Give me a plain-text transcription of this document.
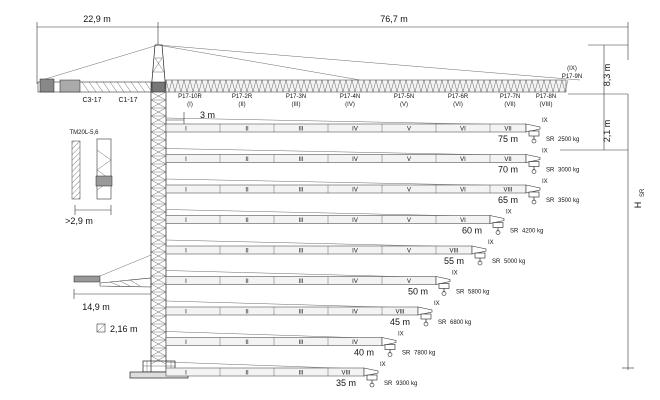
22,9 m	76,7 m
8,3 m
2,1 m
H
SR
C3-17 C1-17
(IX)
P17-10R
(I)
P17-2R
(II)
P17-3N
(III)
P17-4N
(IV)
P17-5N
(V)
P17-6R
(VI)
P17-7N
(VII)
P17-8N
(VIII)
P17-9N
3 m
TM20L-5,6
>2,9 m
14,9 m
2,16 m
I	II	III	IV	V	VI	VII
IX
75 m	SR 2500 kg
I	II	III	IV	V	VI	VII
IX
70 m	SR 3000 kg
I	II	III	IV	V	VI	VIII
IX
65 m	SR 3500 kg
I	II	III	IV	V	VI
IX
60 m	SR 4200 kg
I	II	III	IV	V	VIII
IX
55 m	SR 5000 kg
I	II	III	IV	V
IX
50 m	SR 5800 kg
I	II	III	IV	VIII
IX
45 m	SR 6800 kg
I	II	III	IV
IX
40 m	SR 7800 kg
I	II	III	VIII
IX
35 m	SR 9300 kg
